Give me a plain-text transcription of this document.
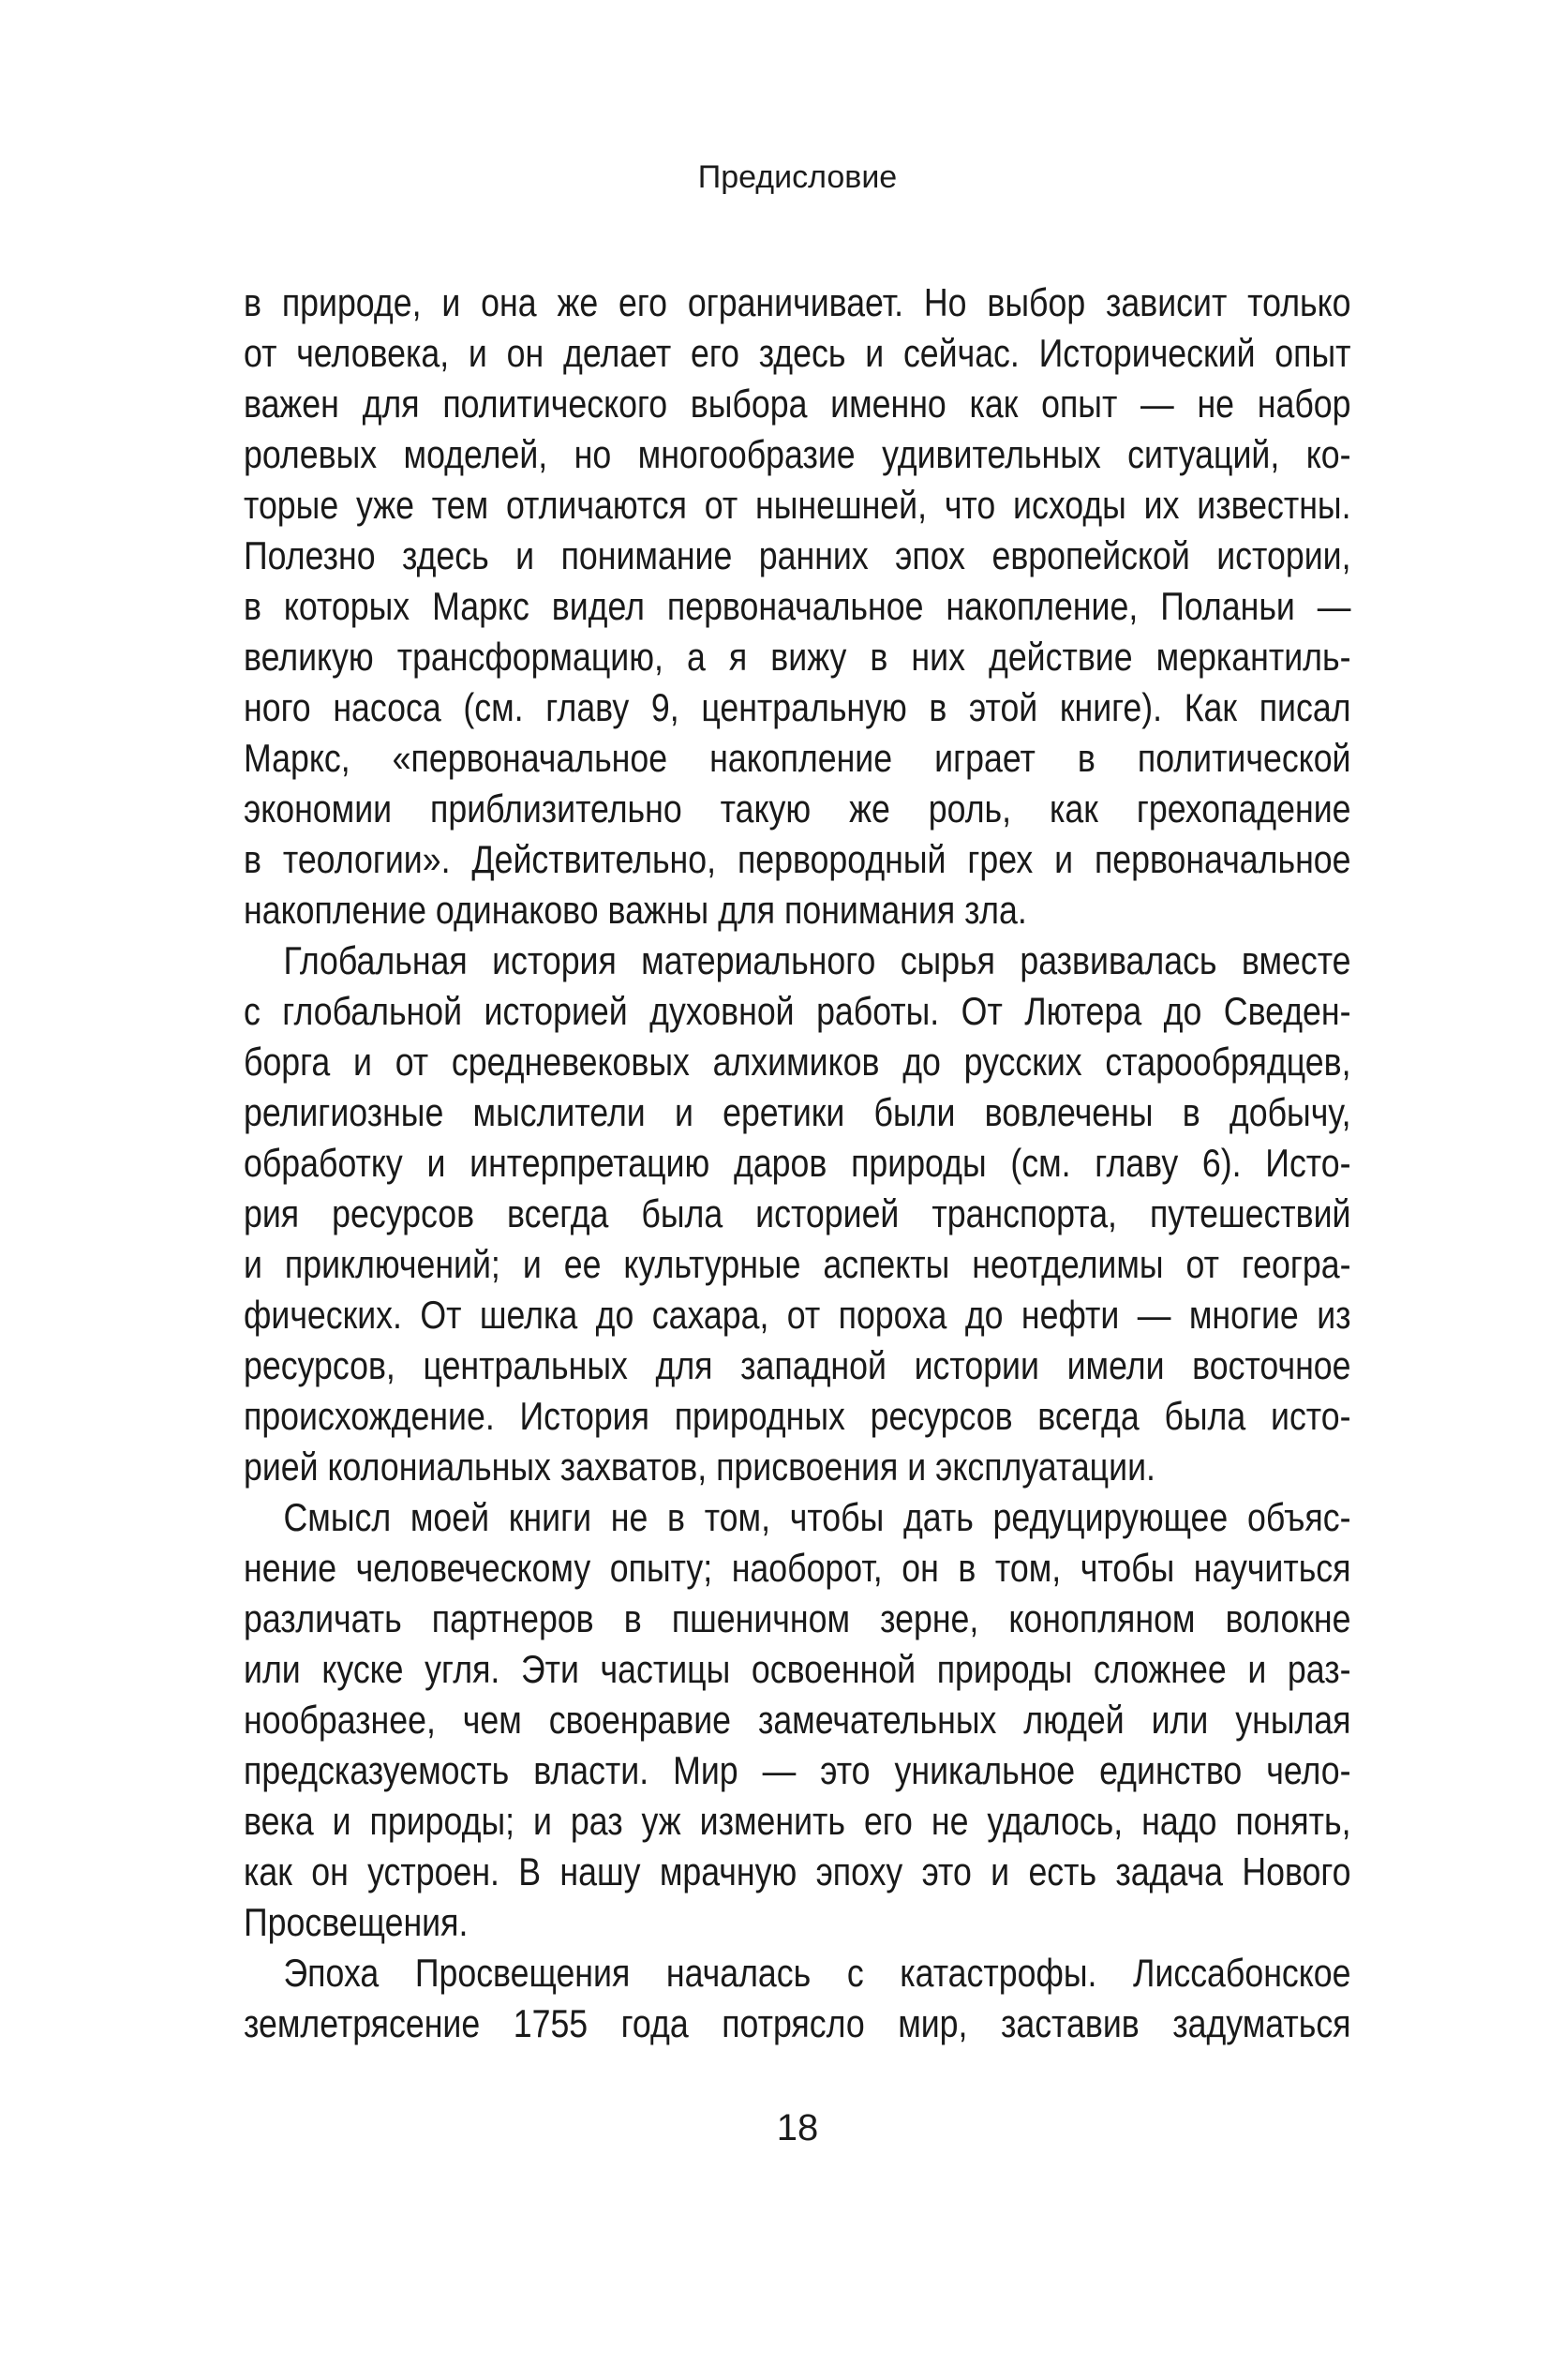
Предисловие
в природе, и она же его ограничивает. Но выбор зависит только
от человека, и он делает его здесь и сейчас. Исторический опыт
важен для политического выбора именно как опыт — не набор
ролевых моделей, но многообразие удивительных ситуаций, ко-
торые уже тем отличаются от нынешней, что исходы их известны.
Полезно здесь и понимание ранних эпох европейской истории,
в которых Маркс видел первоначальное накопление, Поланьи —
великую трансформацию, а я вижу в них действие меркантиль-
ного насоса (см. главу 9, центральную в этой книге). Как писал
Маркс, «первоначальное накопление играет в политической
экономии приблизительно такую же роль, как грехопадение
в теологии». Действительно, первородный грех и первоначальное
накопление одинаково важны для понимания зла.
Глобальная история материального сырья развивалась вместе
с глобальной историей духовной работы. От Лютера до Сведен-
борга и от средневековых алхимиков до русских старообрядцев,
религиозные мыслители и еретики были вовлечены в добычу,
обработку и интерпретацию даров природы (см. главу 6). Исто-
рия ресурсов всегда была историей транспорта, путешествий
и приключений; и ее культурные аспекты неотделимы от геогра-
фических. От шелка до сахара, от пороха до нефти — многие из
ресурсов, центральных для западной истории имели восточное
происхождение. История природных ресурсов всегда была исто-
рией колониальных захватов, присвоения и эксплуатации.
Смысл моей книги не в том, чтобы дать редуцирующее объяс-
нение человеческому опыту; наоборот, он в том, чтобы научиться
различать партнеров в пшеничном зерне, конопляном волокне
или куске угля. Эти частицы освоенной природы сложнее и раз-
нообразнее, чем своенравие замечательных людей или унылая
предсказуемость власти. Мир — это уникальное единство чело-
века и природы; и раз уж изменить его не удалось, надо понять,
как он устроен. В нашу мрачную эпоху это и есть задача Нового
Просвещения.
Эпоха Просвещения началась с катастрофы. Лиссабонское
землетрясение 1755 года потрясло мир, заставив задуматься
18
